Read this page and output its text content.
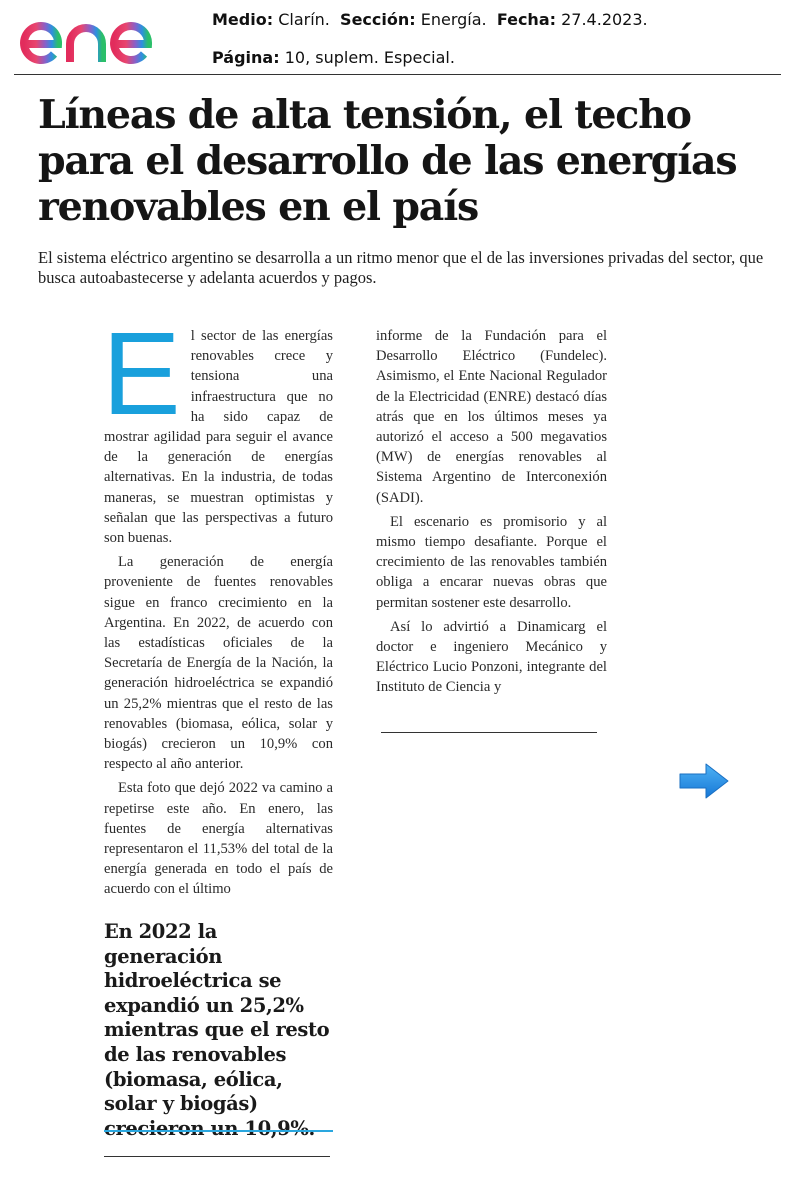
Medio: Clarín. Sección: Energía. Fecha: 27.4.2023.
Página: 10, suplem. Especial.
Líneas de alta tensión, el techo para el desarrollo de las energías renovables en el país

El sistema eléctrico argentino se desarrolla a un ritmo menor que el de las inversiones privadas del sector, que busca autoabastecerse y adelanta acuerdos y pagos.

El sector de las energías renovables crece y tensiona una infraestructura que no ha sido capaz de mostrar agilidad para seguir el avance de la generación de energías alternativas. En la industria, de todas maneras, se muestran optimistas y señalan que las perspectivas a futuro son buenas.

La generación de energía proveniente de fuentes renovables sigue en franco crecimiento en la Argentina. En 2022, de acuerdo con las estadísticas oficiales de la Secretaría de Energía de la Nación, la generación hidroeléctrica se expandió un 25,2% mientras que el resto de las renovables (biomasa, eólica, solar y biogás) crecieron un 10,9% con respecto al año anterior.

Esta foto que dejó 2022 va camino a repetirse este año. En enero, las fuentes de energía alternativas representaron el 11,53% del total de la energía generada en todo el país de acuerdo con el último

informe de la Fundación para el Desarrollo Eléctrico (Fundelec). Asimismo, el Ente Nacional Regulador de la Electricidad (ENRE) destacó días atrás que en los últimos meses ya autorizó el acceso a 500 megavatios (MW) de energías renovables al Sistema Argentino de Interconexión (SADI).

El escenario es promisorio y al mismo tiempo desafiante. Porque el crecimiento de las renovables también obliga a encarar nuevas obras que permitan sostener este desarrollo.

Así lo advirtió a Dinamicarg el doctor e ingeniero Mecánico y Eléctrico Lucio Ponzoni, integrante del Instituto de Ciencia y

En 2022 la generación hidroeléctrica se expandió un 25,2% mientras que el resto de las renovables (biomasa, eólica, solar y biogás) crecieron un 10,9%.
